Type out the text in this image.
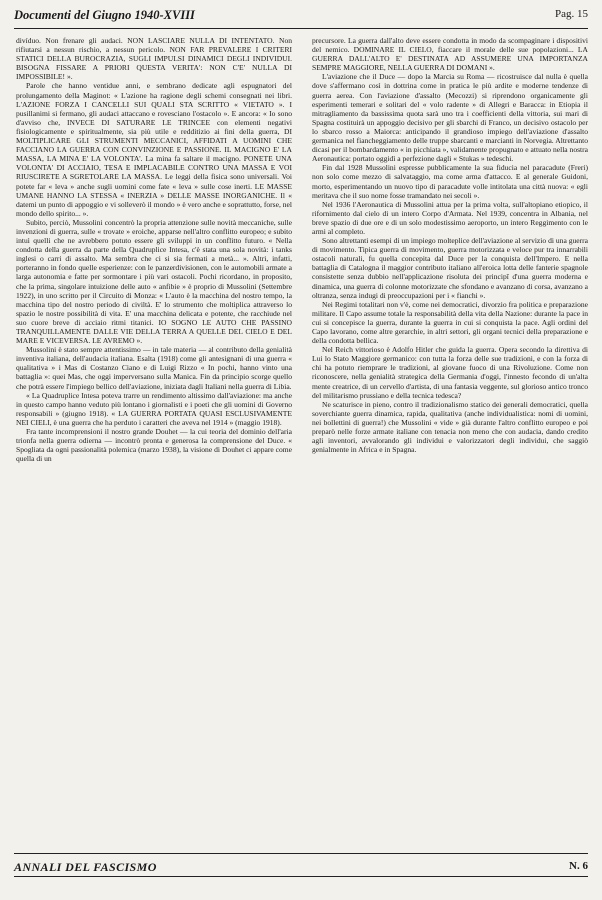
Documenti del Giugno 1940-XVIII	Pag. 15

divíduo. Non frenare gli audaci. NON LASCIARE NULLA DI INTENTATO. Non rifiutarsi a nessun rischio, a nessun pericolo. NON FAR PREVALERE I CRITERI STATICI DELLA BUROCRAZIA, SUGLI IMPULSI DINAMICI DEGLI INDIVIDUI. BISOGNA FISSARE A PRIORI QUESTA VERITA': NON C'E' NULLA DI IMPOSSIBILE! ».

Parole che hanno ventidue anni, e sembrano dedicate agli espugnatori del prolungamento della Maginot: « L'azione ha ragione degli schemi consegnati nei libri. L'AZIONE FORZA I CANCELLI SUI QUALI STA SCRITTO « VIETATO ». I pusillanimi si fermano, gli audaci attaccano e rovesciano l'ostacolo ». E ancora: « Io sono d'avviso che, INVECE DI SATURARE LE TRINCEE con elementi negativi fisiologicamente e spiritualmente, sia più utile e redditizio ai fini della guerra, DI MOLTIPLICARE GLI STRUMENTI MECCANICI, AFFIDATI A UOMINI CHE FACCIANO LA GUERRA CON CONVINZIONE E PASSIONE. IL MACIGNO E' LA MASSA, LA MINA E' LA VOLONTA'. La mina fa saltare il macigno. PONETE UNA VOLONTA' DI ACCIAIO, TESA E IMPLACABILE CONTRO UNA MASSA E VOI RIUSCIRETE A SGRETOLARE LA MASSA. Le leggi della fisica sono universali. Voi potete far « leva » anche sugli uomini come fate « leva » sulle cose inerti. LE MASSE UMANE HANNO LA STESSA « INERZIA » DELLE MASSE INORGANICHE. Il « datemi un punto di appoggio e vi solleverò il mondo » è vero anche e soprattutto, forse, nel mondo dello spirito... ».

Subito, perciò, Mussolini concentrò la propria attenzione sulle novità meccaniche, sulle invenzioni di guerra, sulle « trovate » eroiche, apparse nell'altro conflitto europeo; e subito intuì quelli che ne avrebbero potuto essere gli sviluppi in un conflitto futuro. « Nella condotta della guerra da parte della Quadruplice Intesa, c'è stata una sola novità: i tanks inglesi o carri di assalto. Ma sembra che ci si sia fermati a metà... ». Altri, infatti, porteranno in fondo quelle esperienze: con le panzerdivisionen, con le automobili armate a larga autonomia e fatte per sormontare i più vari ostacoli. Pochi ricordano, in proposito, che la prima, singolare intuizione delle auto « anfibie » è proprio di Mussolini (Settembre 1922), in uno scritto per il Circuito di Monza: « L'auto è la macchina del nostro tempo, la macchina tipo del nostro periodo di civiltà. E' lo strumento che moltiplica attraverso lo spazio le nostre possibilità di vita. E' una macchina delicata e potente, che racchiude nel suo cuore breve di acciaio ritmi titanici. IO SOGNO LE AUTO CHE PASSINO TRANQUILLAMENTE DALLE VIE DELLA TERRA A QUELLE DEL CIELO E DEL MARE E VICEVERSA. LE AVREMO ».

Mussolini è stato sempre attentissimo — in tale materia — al contributo della genialità inventiva italiana, dell'audacia italiana. Esalta (1918) come gli antesignani di una guerra « qualitativa » i Mas di Costanzo Ciano e di Luigi Rizzo « In pochi, hanno vinto una battaglia »: quei Mas, che oggi imperversano sulla Manica. Fin da principio scorge quello che potrà essere l'impiego bellico dell'aviazione, iniziata dagli Italiani nella guerra di Libia.

« La Quadruplice Intesa poteva trarre un rendimento altissimo dall'aviazione: ma anche in questo campo hanno veduto più lontano i giornalisti e i poeti che gli uomini di Governo responsabili » (giugno 1918). « LA GUERRA PORTATA QUASI ESCLUSIVAMENTE NEI CIELI, è una guerra che ha perduto i caratteri che aveva nel 1914 » (maggio 1918).

Fra tante incomprensioni il nostro grande Douhet — la cui teoria del dominio dell'aria trionfa nella guerra odierna — incontrò pronta e generosa la comprensione del Duce. « Spogliata da ogni passionalità polemica (marzo 1938), la visione di Douhet ci appare come quella di un

precursore. La guerra dall'alto deve essere condotta in modo da scompaginare i dispositivi del nemico. DOMINARE IL CIELO, fiaccare il morale delle sue popolazioni... LA GUERRA DALL'ALTO E' DESTINATA AD ASSUMERE UNA IMPORTANZA SEMPRE MAGGIORE, NELLA GUERRA DI DOMANI ».

L'aviazione che il Duce — dopo la Marcia su Roma — ricostruisce dal nulla è quella dove s'affermano così in dottrina come in pratica le più ardite e moderne tendenze di guerra aerea. Con l'aviazione d'assalto (Mecozzi) si riprendono organicamente gli esperimenti temerari e solitari del « volo radente » di Allegri e Baracca: in Etiopia il mitragliamento da bassissima quota sarà uno tra i coefficienti della vittoria, sui mari di Spagna costituirà un appoggio decisivo per gli sbarchi di Franco, un decisivo ostacolo per lo sbarco rosso a Maiorca: anticipando il grandioso impiego dell'aviazione d'assalto germanica nel fiancheggiamento delle truppe sbarcanti e marcianti in Norvegia. Altrettanto dicasi per il bombardamento « in picchiata », validamente propugnato e attuato nella nostra Aeronautica: portato oggidì a perfezione dagli « Stukas » tedeschi.

Fin dal 1928 Mussolini espresse pubblicamente la sua fiducia nel paracadute (Freri) non solo come mezzo di salvataggio, ma come arma d'attacco. E al generale Guidoni, morto, esperimentando un nuovo tipo di paracadute volle intitolata una città nuova: « egli meritava che il suo nome fosse tramandato nei secoli ».

Nel 1936 l'Aeronautica di Mussolini attua per la prima volta, sull'altopiano etiopico, il rifornimento dal cielo di un intero Corpo d'Armata. Nel 1939, concentra in Albania, nel breve spazio di due ore e di un solo modestissimo aeroporto, un intero Reggimento con le armi al completo.

Sono altrettanti esempi di un impiego molteplice dell'aviazione al servizio di una guerra di movimento. Tipica guerra di movimento, guerra motorizzata e veloce pur tra innarrabili ostacoli naturali, fu quella concepita dal Duce per la conquista dell'Impero. E nella battaglia di Catalogna il maggior contributo italiano all'eroica lotta delle fanterie spagnole consistette senza dubbio nell'applicazione risoluta dei principî d'una guerra moderna e dinamica, una guerra di colonne motorizzate che sfondano e avanzano di corsa, avanzano a oltranza, senza indugi di preoccupazioni per i « fianchi ».

Nei Regimi totalitari non v'è, come nei democratici, divorzio fra politica e preparazione militare. Il Capo assume totale la responsabilità della vita della Nazione: durante la pace in cui si concepisce la guerra, durante la guerra in cui si conquista la pace. Agli ordini del Capo lavorano, come altre gerarchie, in altri settori, gli organi tecnici della preparazione e della condotta bellica.

Nel Reich vittorioso è Adolfo Hitler che guida la guerra. Opera secondo la direttiva di Lui lo Stato Maggiore germanico: con tutta la forza delle sue tradizioni, e con la forza di chi ha potuto riemprare le tradizioni, al giovane fuoco di una Rivoluzione. Come non riconoscere, nella genialità strategica della Germania d'oggi, l'innesto fecondo di un'alta mente creatrice, di un cervello d'artista, di una fantasia veggente, sul glorioso antico tronco del militarismo prussiano e della tecnica tedesca?

Ne scaturisce in pieno, contro il tradizionalismo statico dei generali democratici, quella soverchiante guerra dinamica, rapida, qualitativa (anche individualistica: nomi di uomini, nei bollettini di guerra!) che Mussolini « vide » già durante l'altro conflitto europeo e poi preparò nelle forze armate italiane con tenacia non meno che con audacia, dando credito agli inventori, avvalorando gli individui e valorizzatori degli individui, che saggiò genialmente in Africa e in Spagna.

ANNALI DEL FASCISMO	N. 6
